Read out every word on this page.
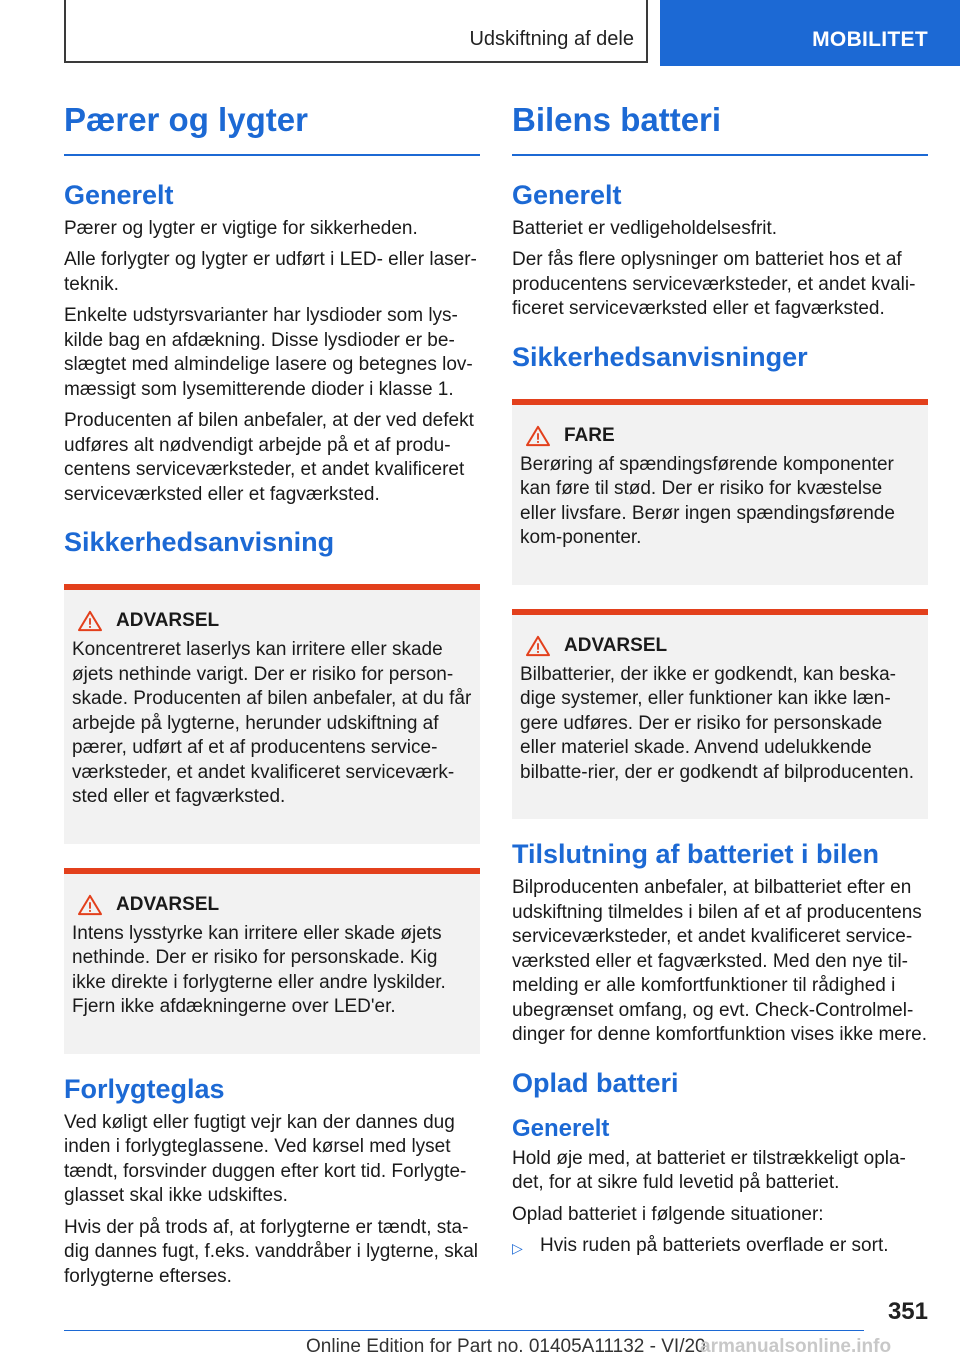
Udskiftning af dele	MOBILITET
Pærer og lygter
Generelt

Pærer og lygter er vigtige for sikkerheden.

Alle forlygter og lygter er udført i LED- eller laser-teknik.

Enkelte udstyrsvarianter har lysdioder som lys-kilde bag en afdækning. Disse lysdioder er be-slægtet med almindelige lasere og betegnes lov-mæssigt som lysemitterende dioder i klasse 1.

Producenten af bilen anbefaler, at der ved defekt udføres alt nødvendigt arbejde på et af produ-centens serviceværksteder, et andet kvalificeret serviceværksted eller et fagværksted.

Sikkerhedsanvisning
ADVARSEL

Koncentreret laserlys kan irritere eller skade øjets nethinde varigt. Der er risiko for person-skade. Producenten af bilen anbefaler, at du får arbejde på lygterne, herunder udskiftning af pærer, udført af et af producentens service-værksteder, et andet kvalificeret serviceværk-sted eller et fagværksted.

ADVARSEL

Intens lysstyrke kan irritere eller skade øjets nethinde. Der er risiko for personskade. Kig ikke direkte i forlygterne eller andre lyskilder. Fjern ikke afdækningerne over LED'er.

Forlygteglas

Ved køligt eller fugtigt vejr kan der dannes dug inden i forlygteglassene. Ved kørsel med lyset tændt, forsvinder duggen efter kort tid. Forlygte-glasset skal ikke udskiftes.

Hvis der på trods af, at forlygterne er tændt, sta-dig dannes fugt, f.eks. vanddråber i lygterne, skal forlygterne efterses.

Bilens batteri
Generelt

Batteriet er vedligeholdelsesfrit.

Der fås flere oplysninger om batteriet hos et af producentens serviceværksteder, et andet kvali-ficeret serviceværksted eller et fagværksted.

Sikkerhedsanvisninger
FARE

Berøring af spændingsførende komponenter kan føre til stød. Der er risiko for kvæstelse eller livsfare. Berør ingen spændingsførende kom-ponenter.

ADVARSEL

Bilbatterier, der ikke er godkendt, kan beska-dige systemer, eller funktioner kan ikke læn-gere udføres. Der er risiko for personskade eller materiel skade. Anvend udelukkende bilbatte-rier, der er godkendt af bilproducenten.

Tilslutning af batteriet i bilen

Bilproducenten anbefaler, at bilbatteriet efter en udskiftning tilmeldes i bilen af et af producentens serviceværksteder, et andet kvalificeret service-værksted eller et fagværksted. Med den nye til-melding er alle komfortfunktioner til rådighed i ubegrænset omfang, og evt. Check-Controlmel-dinger for denne komfortfunktion vises ikke mere.

Oplad batteri
Generelt

Hold øje med, at batteriet er tilstrækkeligt opla-det, for at sikre fuld levetid på batteriet.

Oplad batteriet i følgende situationer:

▷ Hvis ruden på batteriets overflade er sort.
351
Online Edition for Part no. 01405A11132 - VI/20
armanualsonline.info
